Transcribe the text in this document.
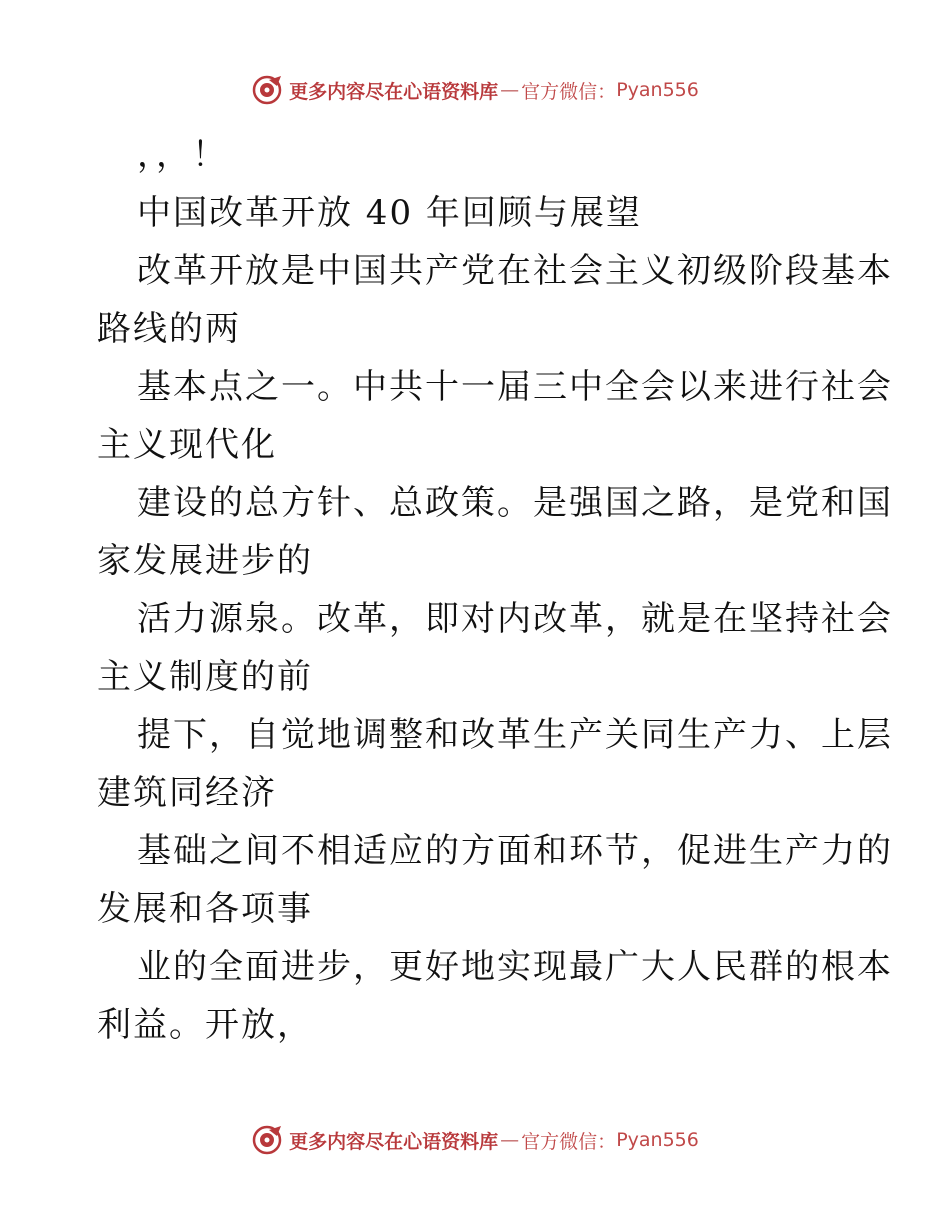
更多内容尽在心语资料库 — 官方微信： Pyan556
，，！
中国改革开放 40 年回顾与展望
改革开放是中国共产党在社会主义初级阶段基本
路线的两
基本点之一。中共十一届三中全会以来进行社会
主义现代化
建设的总方针、总政策。是强国之路，是党和国
家发展进步的
活力源泉。改革，即对内改革，就是在坚持社会
主义制度的前
提下，自觉地调整和改革生产关同生产力、上层
建筑同经济
基础之间不相适应的方面和环节，促进生产力的
发展和各项事
业的全面进步，更好地实现最广大人民群的根本
利益。开放，
更多内容尽在心语资料库 — 官方微信： Pyan556
